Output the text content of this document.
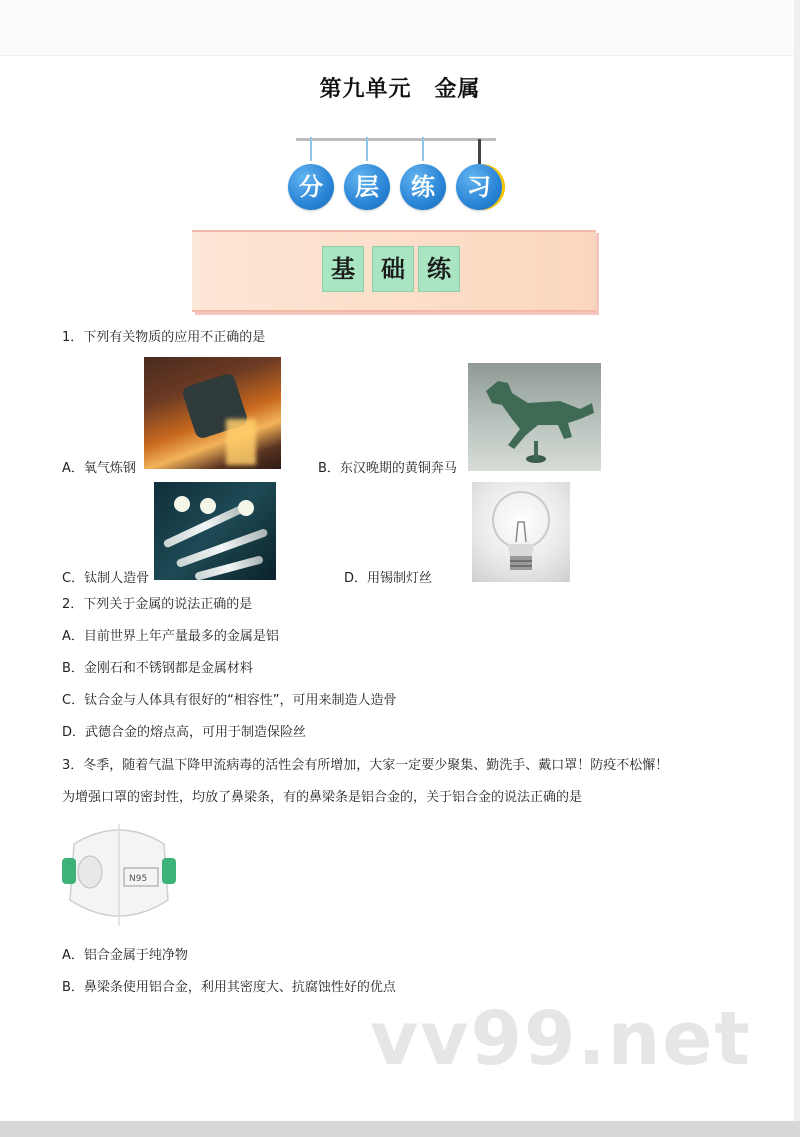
第九单元　金属
分	层	练	习
基	础 练
1．下列有关物质的应用不正确的是
A．氧气炼钢	B．东汉晚期的黄铜奔马
C．钛制人造骨	D．用锡制灯丝
2．下列关于金属的说法正确的是
A．目前世界上年产量最多的金属是铝
B．金刚石和不锈钢都是金属材料
C．钛合金与人体具有很好的“相容性”，可用来制造人造骨
D．武德合金的熔点高，可用于制造保险丝
3．冬季，随着气温下降甲流病毒的活性会有所增加，大家一定要少聚集、勤洗手、戴口罩！防疫不松懈！
为增强口罩的密封性，均放了鼻梁条，有的鼻梁条是铝合金的，关于铝合金的说法正确的是
N95
A．铝合金属于纯净物
B．鼻梁条使用铝合金，利用其密度大、抗腐蚀性好的优点
vv99.net
